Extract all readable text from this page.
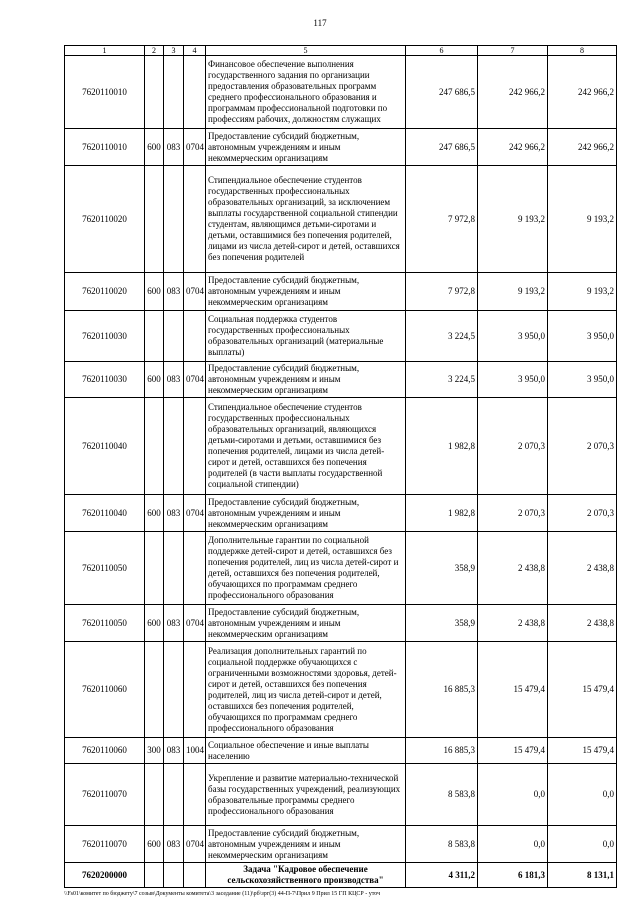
117
1	2	3	4	5	6	7	8
7620110010				Финансовое обеспечение выполнения государственного задания по организации предоставления образовательных программ среднего профессионального образования и программам профессиональной подготовки по профессиям рабочих, должностям служащих	247 686,5	242 966,2	242 966,2
7620110010	600	083	0704	Предоставление субсидий бюджетным, автономным учреждениям и иным некоммерческим организациям	247 686,5	242 966,2	242 966,2
7620110020				Стипендиальное обеспечение студентов государственных профессиональных образовательных организаций, за исключением выплаты государственной социальной стипендии студентам, являющимся детьми-сиротами и детьми, оставшимися без попечения родителей, лицами из числа детей-сирот и детей, оставшихся без попечения родителей	7 972,8	9 193,2	9 193,2
7620110020	600	083	0704	Предоставление субсидий бюджетным, автономным учреждениям и иным некоммерческим организациям	7 972,8	9 193,2	9 193,2
7620110030				Социальная поддержка студентов государственных профессиональных образовательных организаций (материальные выплаты)	3 224,5	3 950,0	3 950,0
7620110030	600	083	0704	Предоставление субсидий бюджетным, автономным учреждениям и иным некоммерческим организациям	3 224,5	3 950,0	3 950,0
7620110040				Стипендиальное обеспечение студентов государственных профессиональных образовательных организаций, являющихся детьми-сиротами и детьми, оставшимися без попечения родителей, лицами из числа детей-сирот и детей, оставшихся без попечения родителей (в части выплаты государственной социальной стипендии)	1 982,8	2 070,3	2 070,3
7620110040	600	083	0704	Предоставление субсидий бюджетным, автономным учреждениям и иным некоммерческим организациям	1 982,8	2 070,3	2 070,3
7620110050				Дополнительные гарантии по социальной поддержке детей-сирот и детей, оставшихся без попечения родителей, лиц из числа детей-сирот и детей, оставшихся без попечения родителей, обучающихся по программам среднего профессионального образования	358,9	2 438,8	2 438,8
7620110050	600	083	0704	Предоставление субсидий бюджетным, автономным учреждениям и иным некоммерческим организациям	358,9	2 438,8	2 438,8
7620110060				Реализация дополнительных гарантий по социальной поддержке обучающихся с ограниченными возможностями здоровья, детей-сирот и детей, оставшихся без попечения родителей, лиц из числа детей-сирот и детей, оставшихся без попечения родителей, обучающихся по программам среднего профессионального образования	16 885,3	15 479,4	15 479,4
7620110060	300	083	1004	Социальное обеспечение и иные выплаты населению	16 885,3	15 479,4	15 479,4
7620110070				Укрепление и развитие материально-технической базы государственных учреждений, реализующих образовательные программы среднего профессионального образования	8 583,8	0,0	0,0
7620110070	600	083	0704	Предоставление субсидий бюджетным, автономным учреждениям и иным некоммерческим организациям	8 583,8	0,0	0,0
7620200000				Задача "Кадровое обеспечение сельскохозяйственного производства"	4 311,2	6 181,3	8 131,1
\\Fs01\комитет по бюджету\7 созыв\Документы комитета\3 заседание (11)\рб\зрг(3) 44-П-7\Прил 9 Прил 15 ГП КЦСР - уточ
